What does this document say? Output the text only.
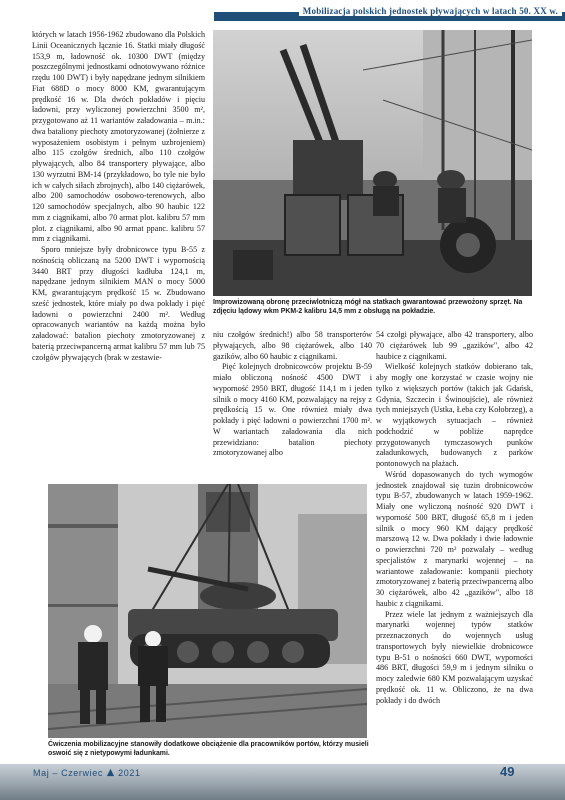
Mobilizacja polskich jednostek pływających w latach 50. XX w.

których w latach 1956-1962 zbudowano dla Polskich Linii Oceanicznych łącznie 16. Statki miały długość 153,9 m, ładowność ok. 10300 DWT (między poszczególnymi jednostkami odnotowywano różnice rzędu 100 DWT) i były napędzane jednym silnikiem Fiat 688D o mocy 8000 KM, gwarantującym prędkość 16 w. Dla dwóch pokładów i pięciu ładowni, przy wyliczonej powierzchni 3500 m², przygotowano aż 11 wariantów załadowania – m.in.: dwa bataliony piechoty zmotoryzowanej (żołnierze z wyposażeniem osobistym i pełnym uzbrojeniem) albo 115 czołgów średnich, albo 110 czołgów pływających, albo 84 transportery pływające, albo 130 wyrzutni BM-14 (przykładowo, bo tyle nie było ich w całych siłach zbrojnych), albo 140 ciężarówek, albo 200 samochodów osobowo-terenowych, albo 120 samochodów specjalnych, albo 90 haubic 122 mm z ciągnikami, albo 70 armat plot. kalibru 57 mm plot. z ciągnikami, albo 90 armat ppanc. kalibru 57 mm z ciągnikami.

Sporo mniejsze były drobnicowce typu B-55 z nośnością obliczaną na 5200 DWT i wypornością 3440 BRT przy długości kadłuba 124,1 m, napędzane jednym silnikiem MAN o mocy 5000 KM, gwarantującym prędkość 15 w. Zbudowano sześć jednostek, które miały po dwa pokłady i pięć ładowni o powierzchni 2400 m². Według opracowanych wariantów na każdą można było załadować: batalion piechoty zmotoryzowanej z baterią przeciwpancerną armat kalibru 57 mm lub 75 czołgów pływających (brak w zestawie-

Improwizowaną obronę przeciwlotniczą mógł na statkach gwarantować przewożony sprzęt. Na zdjęciu lądowy wkm PKM-2 kalibru 14,5 mm z obsługą na pokładzie.

niu czołgów średnich!) albo 58 transporterów pływających, albo 98 ciężarówek, albo 140 gazików, albo 60 haubic z ciągnikami.

Pięć kolejnych drobnicowców projektu B-59 miało obliczoną nośność 4500 DWT i wyporność 2950 BRT, długość 114,1 m i jeden silnik o mocy 4160 KM, pozwalający na rejsy z prędkością 15 w. One również miały dwa pokłady i pięć ładowni o powierzchni 1700 m². W wariantach załadowania dla nich przewidziano: batalion piechoty zmotoryzowanej albo

54 czołgi pływające, albo 42 transportery, albo 70 ciężarówek lub 99 „gazików", albo 42 haubice z ciągnikami.

Wielkość kolejnych statków dobierano tak, aby mogły one korzystać w czasie wojny nie tylko z większych portów (takich jak Gdańsk, Gdynia, Szczecin i Świnoujście), ale również tych mniejszych (Ustka, Łeba czy Kołobrzeg), a w wyjątkowych sytuacjach – również podchodzić w pobliże naprędce przygotowanych tymczasowych punków załadunkowych, budowanych z parków pontonowych na plażach.

Wśród dopasowanych do tych wymogów jednostek znajdował się tuzin drobnicowców typu B-57, zbudowanych w latach 1959-1962. Miały one wyliczoną nośność 920 DWT i wyporność 500 BRT, długość 65,8 m i jeden silnik o mocy 960 KM dający prędkość marszową 12 w. Dwa pokłady i dwie ładownie o powierzchni 720 m² pozwalały – według specjalistów z marynarki wojennej – na wariantowe załadowanie: kompanii piechoty zmotoryzowanej z baterią przeciwpancerną albo 30 ciężarówek, albo 42 „gazików", albo 18 haubic z ciągnikami.

Przez wiele lat jednym z ważniejszych dla marynarki wojennej typów statków przeznaczonych do wojennych usług transportowych były niewielkie drobnicowce typu B-51 o nośności 660 DWT, wyporności 486 BRT, długości 59,9 m i jednym silniku o mocy zaledwie 680 KM pozwalającym uzyskać prędkość ok. 11 w. Obliczono, że na dwa pokłady i do dwóch

Ćwiczenia mobilizacyjne stanowiły dodatkowe obciążenie dla pracowników portów, którzy musieli oswoić się z nietypowymi ładunkami.
Maj – Czerwiec 2021	49
